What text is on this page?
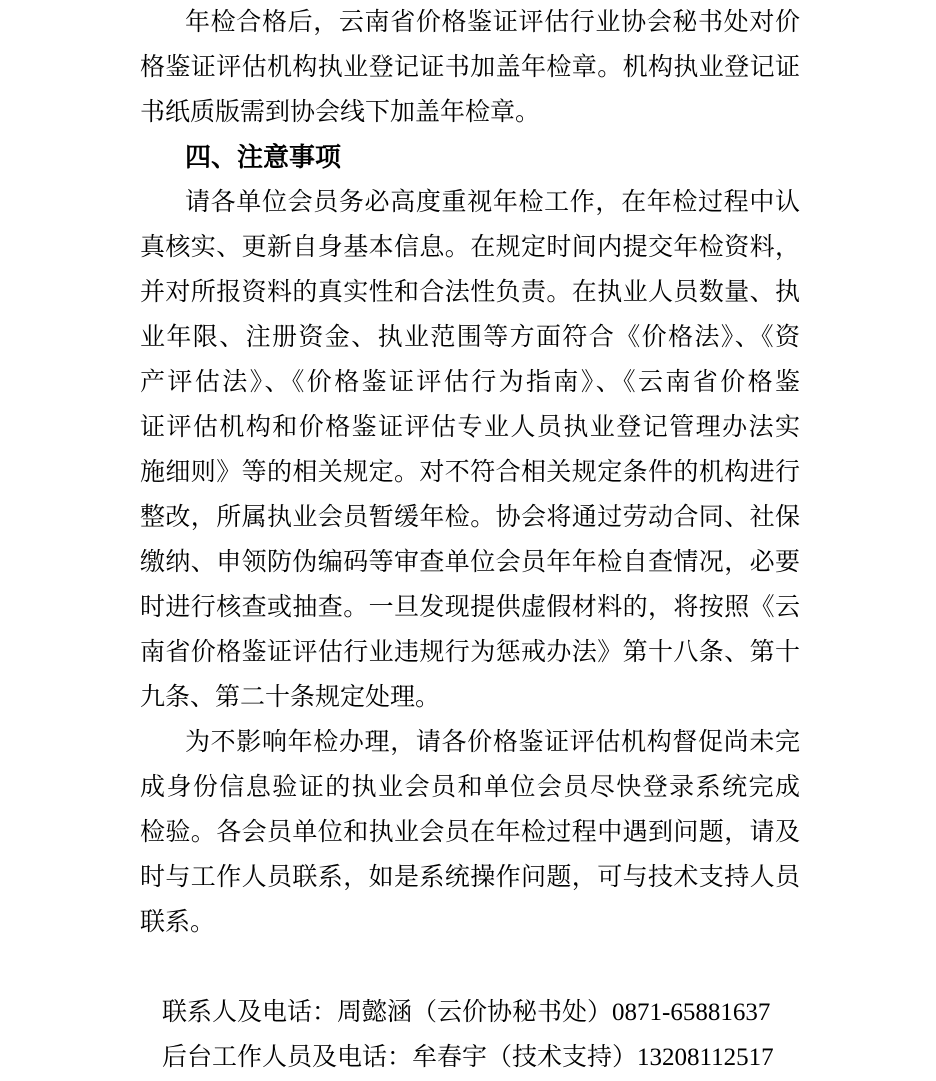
年检合格后，云南省价格鉴证评估行业协会秘书处对价
格鉴证评估机构执业登记证书加盖年检章。机构执业登记证
书纸质版需到协会线下加盖年检章。
四、注意事项
请各单位会员务必高度重视年检工作，在年检过程中认
真核实、更新自身基本信息。在规定时间内提交年检资料，
并对所报资料的真实性和合法性负责。在执业人员数量、执
业年限、注册资金、执业范围等方面符合《价格法》、《资
产评估法》、《价格鉴证评估行为指南》、《云南省价格鉴
证评估机构和价格鉴证评估专业人员执业登记管理办法实
施细则》等的相关规定。对不符合相关规定条件的机构进行
整改，所属执业会员暂缓年检。协会将通过劳动合同、社保
缴纳、申领防伪编码等审查单位会员年年检自查情况，必要
时进行核查或抽查。一旦发现提供虚假材料的，将按照《云
南省价格鉴证评估行业违规行为惩戒办法》第十八条、第十
九条、第二十条规定处理。
为不影响年检办理，请各价格鉴证评估机构督促尚未完
成身份信息验证的执业会员和单位会员尽快登录系统完成
检验。各会员单位和执业会员在年检过程中遇到问题，请及
时与工作人员联系，如是系统操作问题，可与技术支持人员
联系。
联系人及电话：周懿涵（云价协秘书处）0871-65881637
后台工作人员及电话：牟春宇（技术支持）13208112517
